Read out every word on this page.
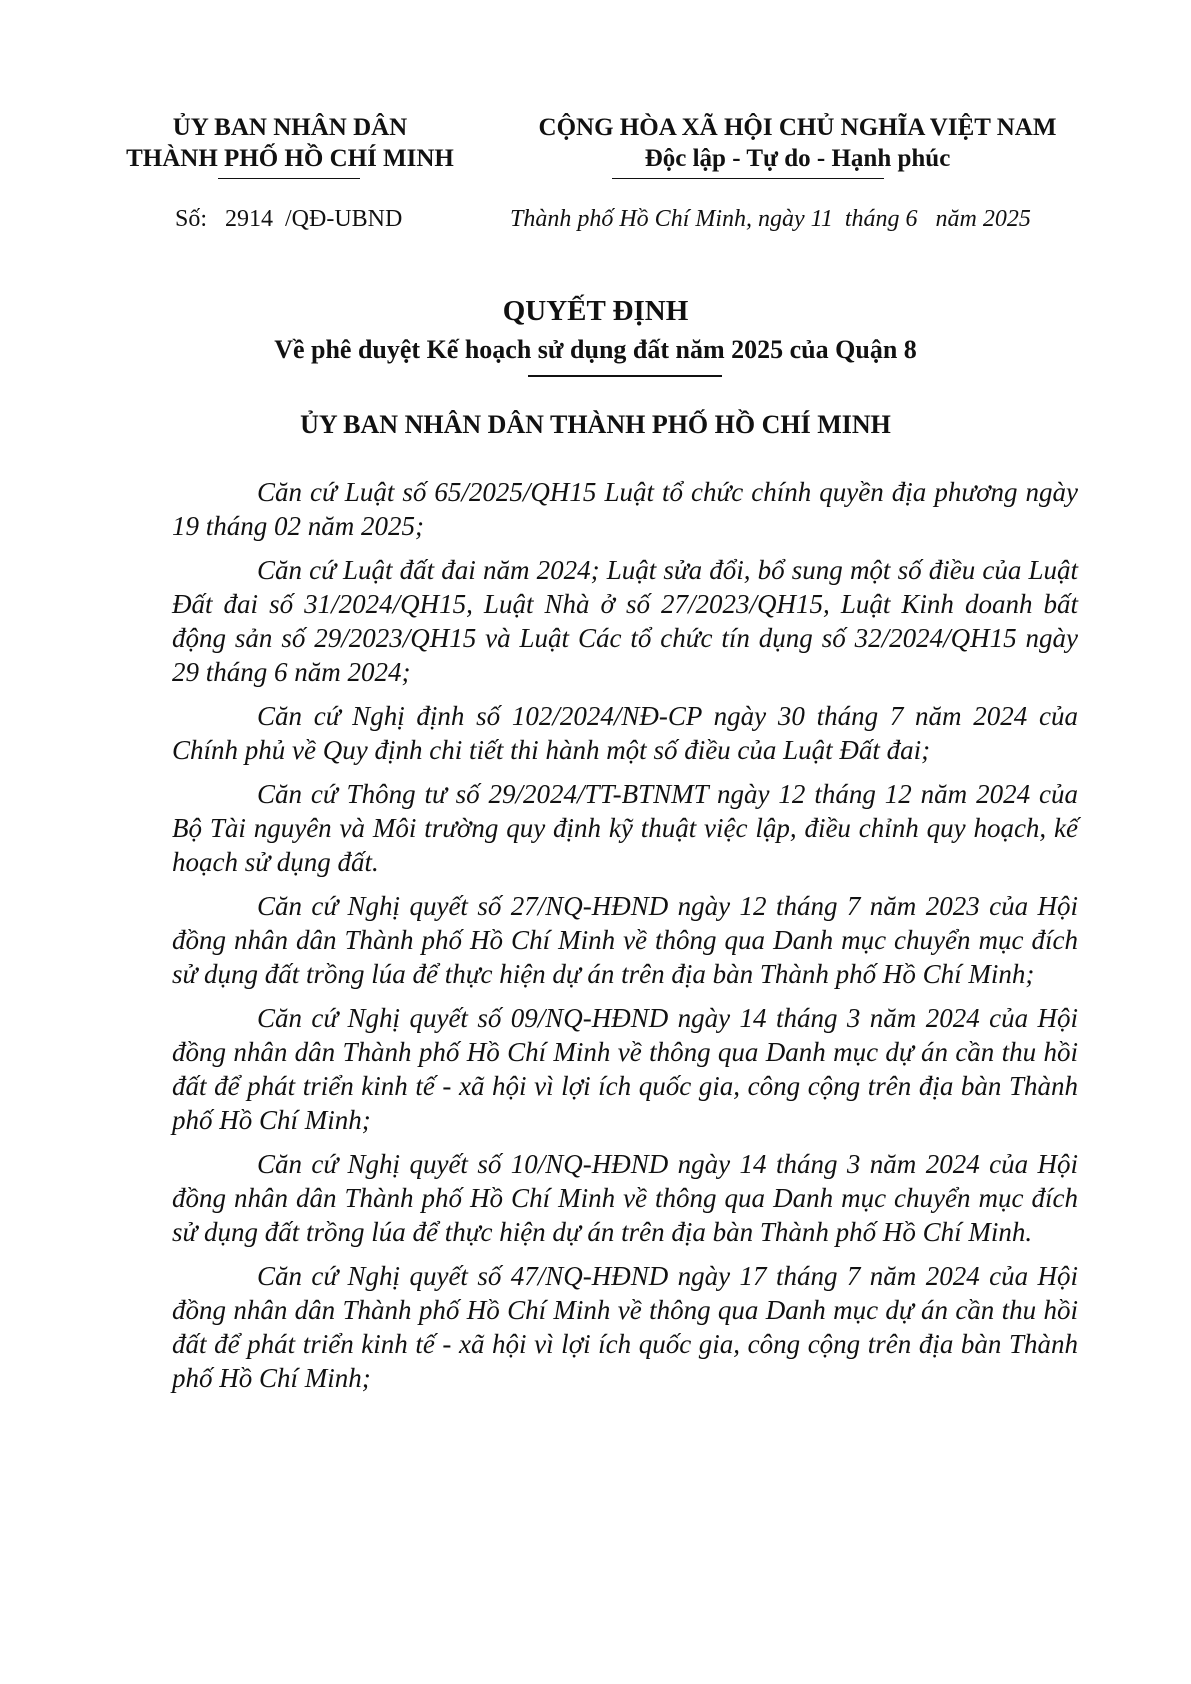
ỦY BAN NHÂN DÂN
THÀNH PHỐ HỒ CHÍ MINH
CỘNG HÒA XÃ HỘI CHỦ NGHĨA VIỆT NAM
Độc lập - Tự do - Hạnh phúc
Số:   2914  /QĐ-UBND	Thành phố Hồ Chí Minh, ngày 11  tháng 6   năm 2025
QUYẾT ĐỊNH
Về phê duyệt Kế hoạch sử dụng đất năm 2025 của Quận 8
ỦY BAN NHÂN DÂN THÀNH PHỐ HỒ CHÍ MINH

Căn cứ Luật số 65/2025/QH15 Luật tổ chức chính quyền địa phương ngày 19 tháng 02 năm 2025;

Căn cứ Luật đất đai năm 2024; Luật sửa đổi, bổ sung một số điều của Luật Đất đai số 31/2024/QH15, Luật Nhà ở số 27/2023/QH15, Luật Kinh doanh bất động sản số 29/2023/QH15 và Luật Các tổ chức tín dụng số 32/2024/QH15 ngày 29 tháng 6 năm 2024;

Căn cứ Nghị định số 102/2024/NĐ-CP ngày 30 tháng 7 năm 2024 của Chính phủ về Quy định chi tiết thi hành một số điều của Luật Đất đai;

Căn cứ Thông tư số 29/2024/TT-BTNMT ngày 12 tháng 12 năm 2024 của Bộ Tài nguyên và Môi trường quy định kỹ thuật việc lập, điều chỉnh quy hoạch, kế hoạch sử dụng đất.

Căn cứ Nghị quyết số 27/NQ-HĐND ngày 12 tháng 7 năm 2023 của Hội đồng nhân dân Thành phố Hồ Chí Minh về thông qua Danh mục chuyển mục đích sử dụng đất trồng lúa để thực hiện dự án trên địa bàn Thành phố Hồ Chí Minh;

Căn cứ Nghị quyết số 09/NQ-HĐND ngày 14 tháng 3 năm 2024 của Hội đồng nhân dân Thành phố Hồ Chí Minh về thông qua Danh mục dự án cần thu hồi đất để phát triển kinh tế - xã hội vì lợi ích quốc gia, công cộng trên địa bàn Thành phố Hồ Chí Minh;

Căn cứ Nghị quyết số 10/NQ-HĐND ngày 14 tháng 3 năm 2024 của Hội đồng nhân dân Thành phố Hồ Chí Minh về thông qua Danh mục chuyển mục đích sử dụng đất trồng lúa để thực hiện dự án trên địa bàn Thành phố Hồ Chí Minh.

Căn cứ Nghị quyết số 47/NQ-HĐND ngày 17 tháng 7 năm 2024 của Hội đồng nhân dân Thành phố Hồ Chí Minh về thông qua Danh mục dự án cần thu hồi đất để phát triển kinh tế - xã hội vì lợi ích quốc gia, công cộng trên địa bàn Thành phố Hồ Chí Minh;
